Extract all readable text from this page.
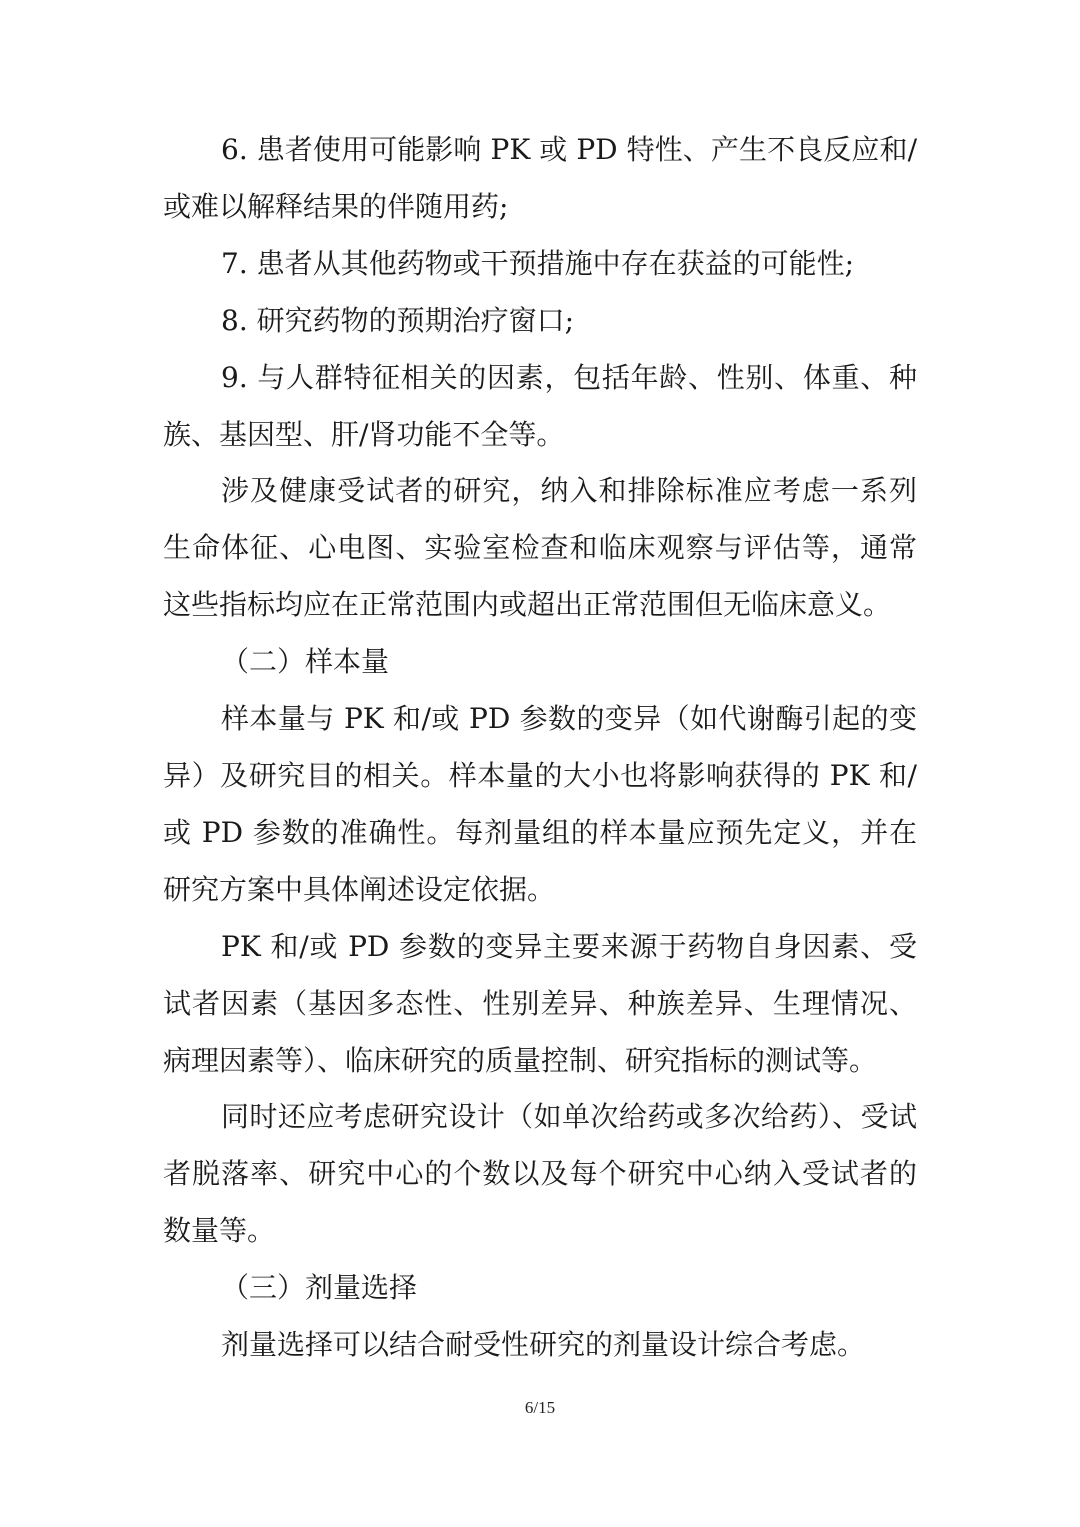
6. 患者使用可能影响 PK 或 PD 特性、产生不良反应和/或难以解释结果的伴随用药;

7. 患者从其他药物或干预措施中存在获益的可能性;

8. 研究药物的预期治疗窗口;

9. 与人群特征相关的因素，包括年龄、性别、体重、种族、基因型、肝/肾功能不全等。

涉及健康受试者的研究，纳入和排除标准应考虑一系列生命体征、心电图、实验室检查和临床观察与评估等，通常这些指标均应在正常范围内或超出正常范围但无临床意义。

（二）样本量

样本量与 PK 和/或 PD 参数的变异（如代谢酶引起的变异）及研究目的相关。样本量的大小也将影响获得的 PK 和/或 PD 参数的准确性。每剂量组的样本量应预先定义，并在研究方案中具体阐述设定依据。

PK 和/或 PD 参数的变异主要来源于药物自身因素、受试者因素（基因多态性、性别差异、种族差异、生理情况、病理因素等）、临床研究的质量控制、研究指标的测试等。

同时还应考虑研究设计（如单次给药或多次给药）、受试者脱落率、研究中心的个数以及每个研究中心纳入受试者的数量等。

（三）剂量选择

剂量选择可以结合耐受性研究的剂量设计综合考虑。

6/15
